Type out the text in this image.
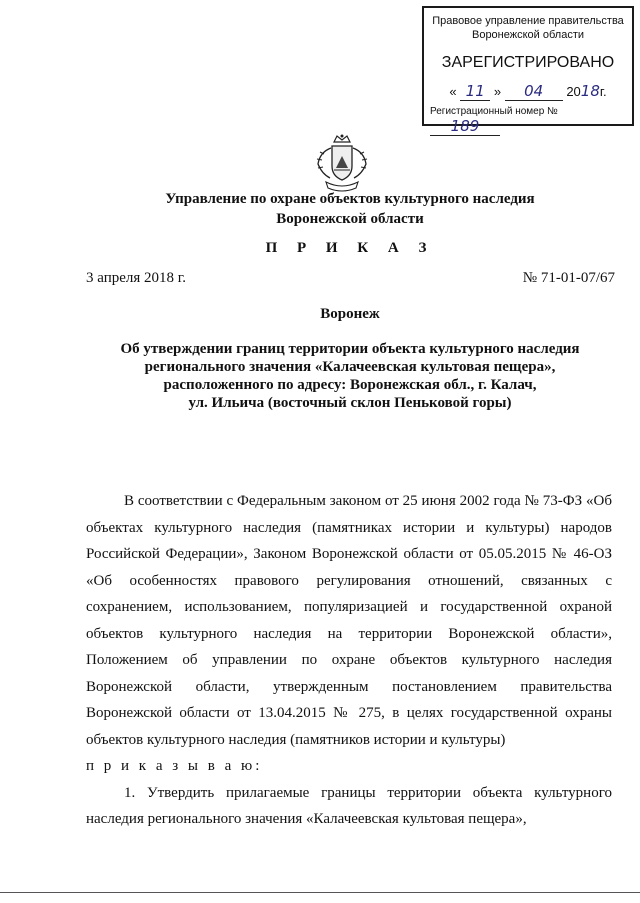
Правовое управление правительства
Воронежской области
ЗАРЕГИСТРИРОВАНО
« 11 » 04 2018г.
Регистрационный номер № 189
Управление по охране объектов культурного наследия
Воронежской области
П Р И К А З
3 апреля 2018 г.	№ 71-01-07/67
Воронеж
Об утверждении границ территории объекта культурного наследия
регионального значения «Калачеевская культовая пещера»,
расположенного по адресу: Воронежская обл., г. Калач,
ул. Ильича (восточный склон Пеньковой горы)

В соответствии с Федеральным законом от 25 июня 2002 года № 73-ФЗ «Об объектах культурного наследия (памятниках истории и культуры) народов Российской Федерации», Законом Воронежской области от 05.05.2015 № 46-ОЗ «Об особенностях правового регулирования отношений, связанных с сохранением, использованием, популяризацией и государственной охраной объектов культурного наследия на территории Воронежской области», Положением об управлении по охране объектов культурного наследия Воронежской области, утвержденным постановлением правительства Воронежской области от 13.04.2015 № 275, в целях государственной охраны объектов культурного наследия (памятников истории и культуры)

п р и к а з ы в а ю:

1. Утвердить прилагаемые границы территории объекта культурного наследия регионального значения «Калачеевская культовая пещера»,
